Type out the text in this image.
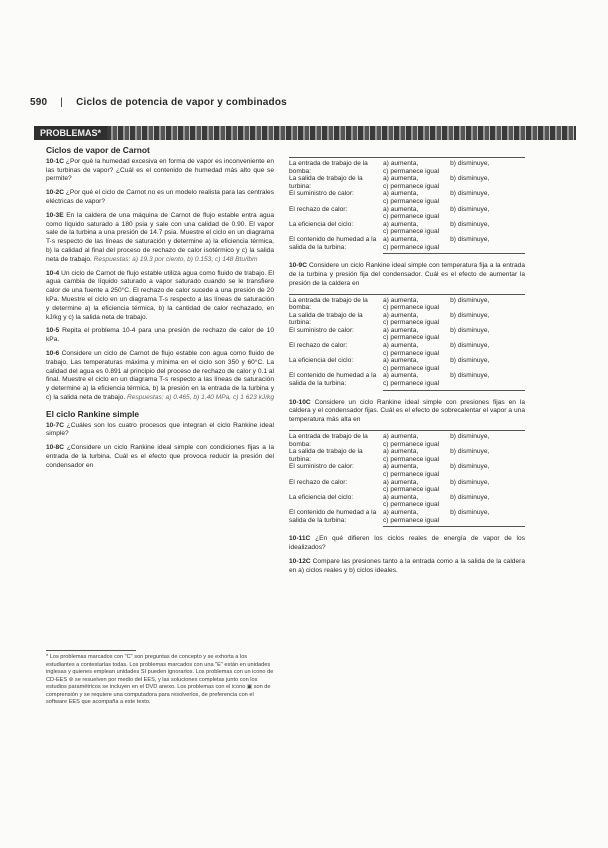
590 | Ciclos de potencia de vapor y combinados
PROBLEMAS*
Ciclos de vapor de Carnot

10-1C ¿Por qué la humedad excesiva en forma de vapor es inconveniente en las turbinas de vapor? ¿Cuál es el contenido de humedad más alto que se permite?

10-2C ¿Por qué el ciclo de Carnot no es un modelo realista para las centrales eléctricas de vapor?

10-3E En la caldera de una máquina de Carnot de flujo estable entra agua como líquido saturado a 180 psia y sale con una calidad de 0.90. El vapor sale de la turbina a una presión de 14.7 psia. Muestre el ciclo en un diagrama T-s respecto de las líneas de saturación y determine a) la eficiencia térmica, b) la calidad al final del proceso de rechazo de calor isotérmico y c) la salida neta de trabajo. Respuestas: a) 19.3 por ciento, b) 0.153, c) 148 Btu/lbm

10-4 Un ciclo de Carnot de flujo estable utiliza agua como fluido de trabajo. El agua cambia de líquido saturado a vapor saturado cuando se le transfiere calor de una fuente a 250°C. El rechazo de calor sucede a una presión de 20 kPa. Muestre el ciclo en un diagrama T-s respecto a las líneas de saturación y determine a) la eficiencia térmica, b) la cantidad de calor rechazado, en kJ/kg y c) la salida neta de trabajo.

10-5 Repita el problema 10-4 para una presión de rechazo de calor de 10 kPa.

10-6 Considere un ciclo de Carnot de flujo estable con agua como fluido de trabajo. Las temperaturas máxima y mínima en el ciclo son 350 y 60°C. La calidad del agua es 0.891 al principio del proceso de rechazo de calor y 0.1 al final. Muestre el ciclo en un diagrama T-s respecto a las líneas de saturación y determine a) la eficiencia térmica, b) la presión en la entrada de la turbina y c) la salida neta de trabajo. Respuestas: a) 0.465, b) 1.40 MPa, c) 1 623 kJ/kg

El ciclo Rankine simple

10-7C ¿Cuáles son los cuatro procesos que integran el ciclo Rankine ideal simple?

10-8C ¿Considere un ciclo Rankine ideal simple con condiciones fijas a la entrada de la turbina. Cuál es el efecto que provoca reducir la presión del condensador en

* Los problemas marcados con "C" son preguntas de concepto y se exhorta a los estudiantes a contestarlas todas. Los problemas marcados con una "E" están en unidades inglesas y quienes emplean unidades SI pueden ignorarlos. Los problemas con un icono de CD-EES ⊚ se resuelven por medio del EES, y las soluciones completas junto con los estudios paramétricos se incluyen en el DVD anexo. Los problemas con el icono ▣ son de comprensión y se requiere una computadora para resolverlos, de preferencia con el software EES que acompaña a este texto.
La entrada de trabajo de la bomba:	a) aumenta,	b) disminuye,
	c) permanece igual	
La salida de trabajo de la turbina:	a) aumenta,	b) disminuye,
	c) permanece igual	
El suministro de calor:	a) aumenta,	b) disminuye,
	c) permanece igual	
El rechazo de calor:	a) aumenta,	b) disminuye,
	c) permanece igual	
La eficiencia del ciclo:	a) aumenta,	b) disminuye,
	c) permanece igual	
El contenido de humedad a la salida de la turbina:	a) aumenta,	b) disminuye,
	c) permanece igual	

10-9C Considere un ciclo Rankine ideal simple con temperatura fija a la entrada de la turbina y presión fija del condensador. Cuál es el efecto de aumentar la presión de la caldera en

La entrada de trabajo de la bomba:	a) aumenta,	b) disminuye,
	c) permanece igual	
La salida de trabajo de la turbina:	a) aumenta,	b) disminuye,
	c) permanece igual	
El suministro de calor:	a) aumenta,	b) disminuye,
	c) permanece igual	
El rechazo de calor:	a) aumenta,	b) disminuye,
	c) permanece igual	
La eficiencia del ciclo:	a) aumenta,	b) disminuye,
	c) permanece igual	
El contenido de humedad a la salida de la turbina:	a) aumenta,	b) disminuye,
	c) permanece igual	

10-10C Considere un ciclo Rankine ideal simple con presiones fijas en la caldera y el condensador fijas. Cuál es el efecto de sobrecalentar el vapor a una temperatura más alta en

La entrada de trabajo de la bomba:	a) aumenta,	b) disminuye,
	c) permanece igual	
La salida de trabajo de la turbina:	a) aumenta,	b) disminuye,
	c) permanece igual	
El suministro de calor:	a) aumenta,	b) disminuye,
	c) permanece igual	
El rechazo de calor:	a) aumenta,	b) disminuye,
	c) permanece igual	
La eficiencia del ciclo:	a) aumenta,	b) disminuye,
	c) permanece igual	
El contenido de humedad a la salida de la turbina:	a) aumenta,	b) disminuye,
	c) permanece igual	

10-11C ¿En qué difieren los ciclos reales de energía de vapor de los idealizados?

10-12C Compare las presiones tanto a la entrada como a la salida de la caldera en a) ciclos reales y b) ciclos ideales.
